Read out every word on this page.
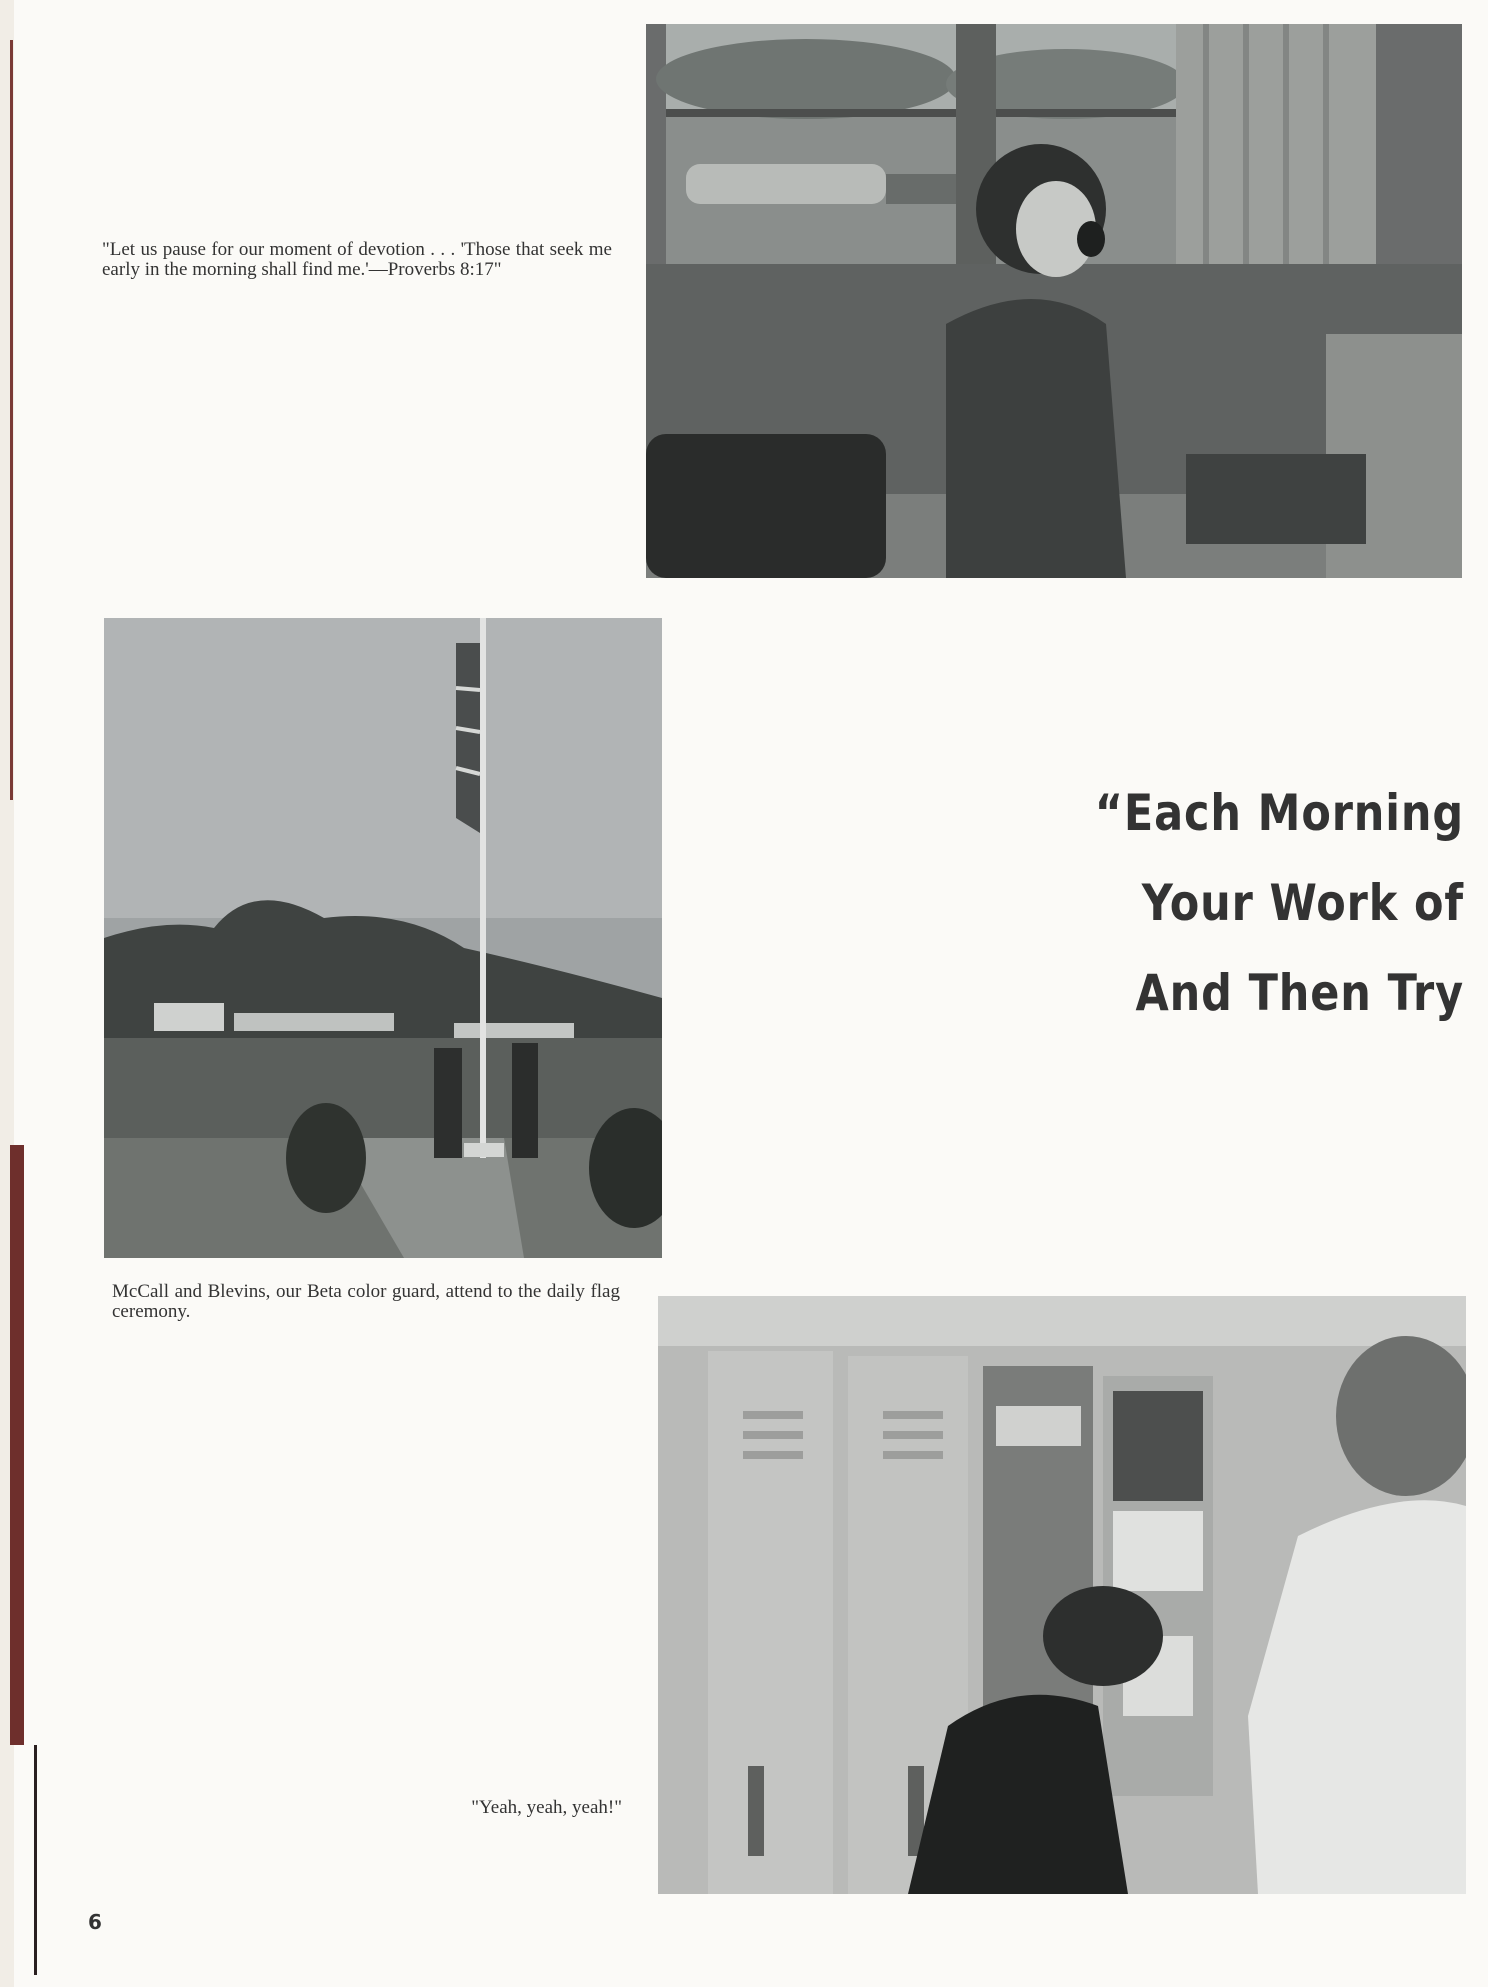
"Let us pause for our moment of devotion . . . 'Those that seek me early in the morning shall find me.'—Proverbs 8:17"

“Each Morning
Your Work of
And Then Try

McCall and Blevins, our Beta color guard, attend to the daily flag ceremony.

"Yeah, yeah, yeah!"

6
